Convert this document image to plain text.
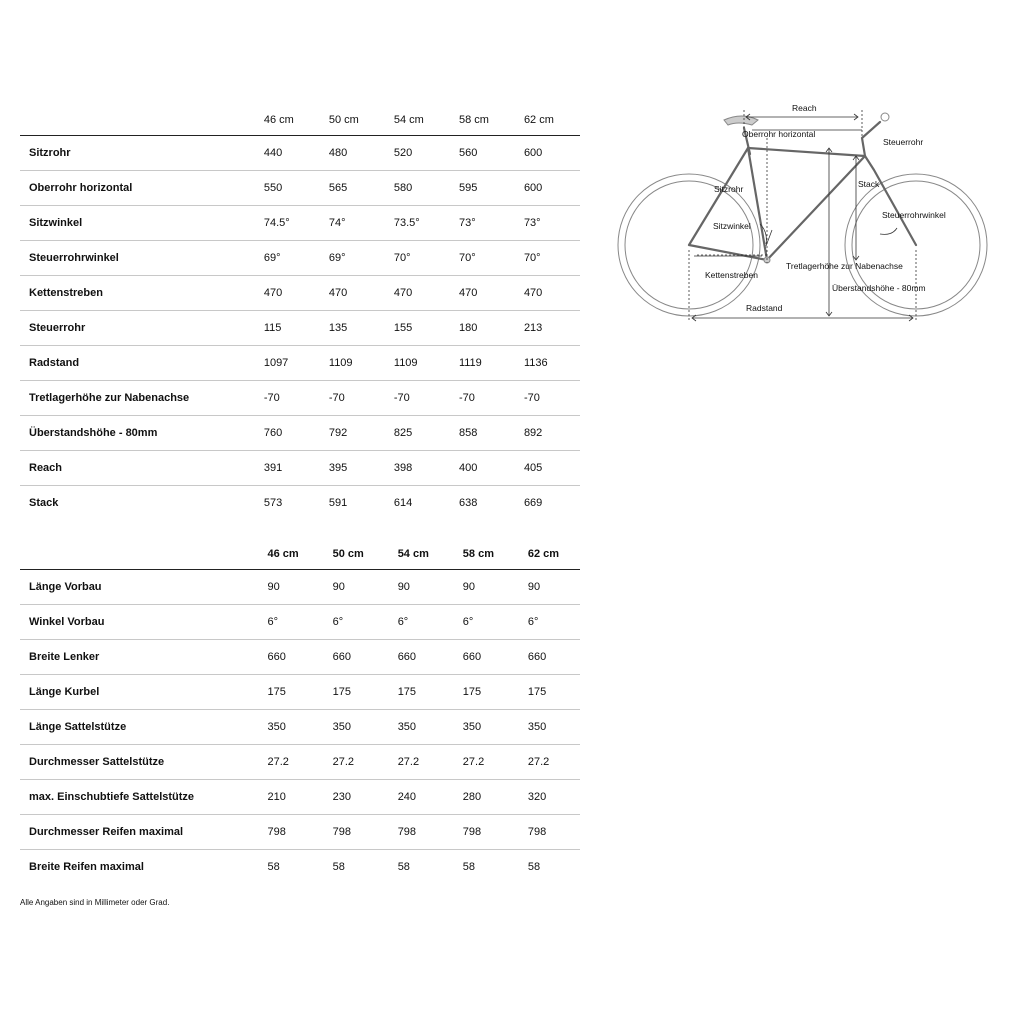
	46 cm	50 cm	54 cm	58 cm	62 cm
Sitzrohr	440	480	520	560	600
Oberrohr horizontal	550	565	580	595	600
Sitzwinkel	74.5°	74°	73.5°	73°	73°
Steuerrohrwinkel	69°	69°	70°	70°	70°
Kettenstreben	470	470	470	470	470
Steuerrohr	115	135	155	180	213
Radstand	1097	1109	1109	1119	1136
Tretlagerhöhe zur Nabenachse	-70	-70	-70	-70	-70
Überstandshöhe - 80mm	760	792	825	858	892
Reach	391	395	398	400	405
Stack	573	591	614	638	669
	46 cm	50 cm	54 cm	58 cm	62 cm
Länge Vorbau	90	90	90	90	90
Winkel Vorbau	6°	6°	6°	6°	6°
Breite Lenker	660	660	660	660	660
Länge Kurbel	175	175	175	175	175
Länge Sattelstütze	350	350	350	350	350
Durchmesser Sattelstütze	27.2	27.2	27.2	27.2	27.2
max. Einschubtiefe Sattelstütze	210	230	240	280	320
Durchmesser Reifen maximal	798	798	798	798	798
Breite Reifen maximal	58	58	58	58	58
Alle Angaben sind in Millimeter oder Grad.
Reach
Oberrohr horizontal
Steuerrohr
Sitzrohr	Stack
Steuerrohrwinkel
Sitzwinkel
Tretlagerhöhe zur Nabenachse
Kettenstreben
Überstandshöhe - 80mm
Radstand
